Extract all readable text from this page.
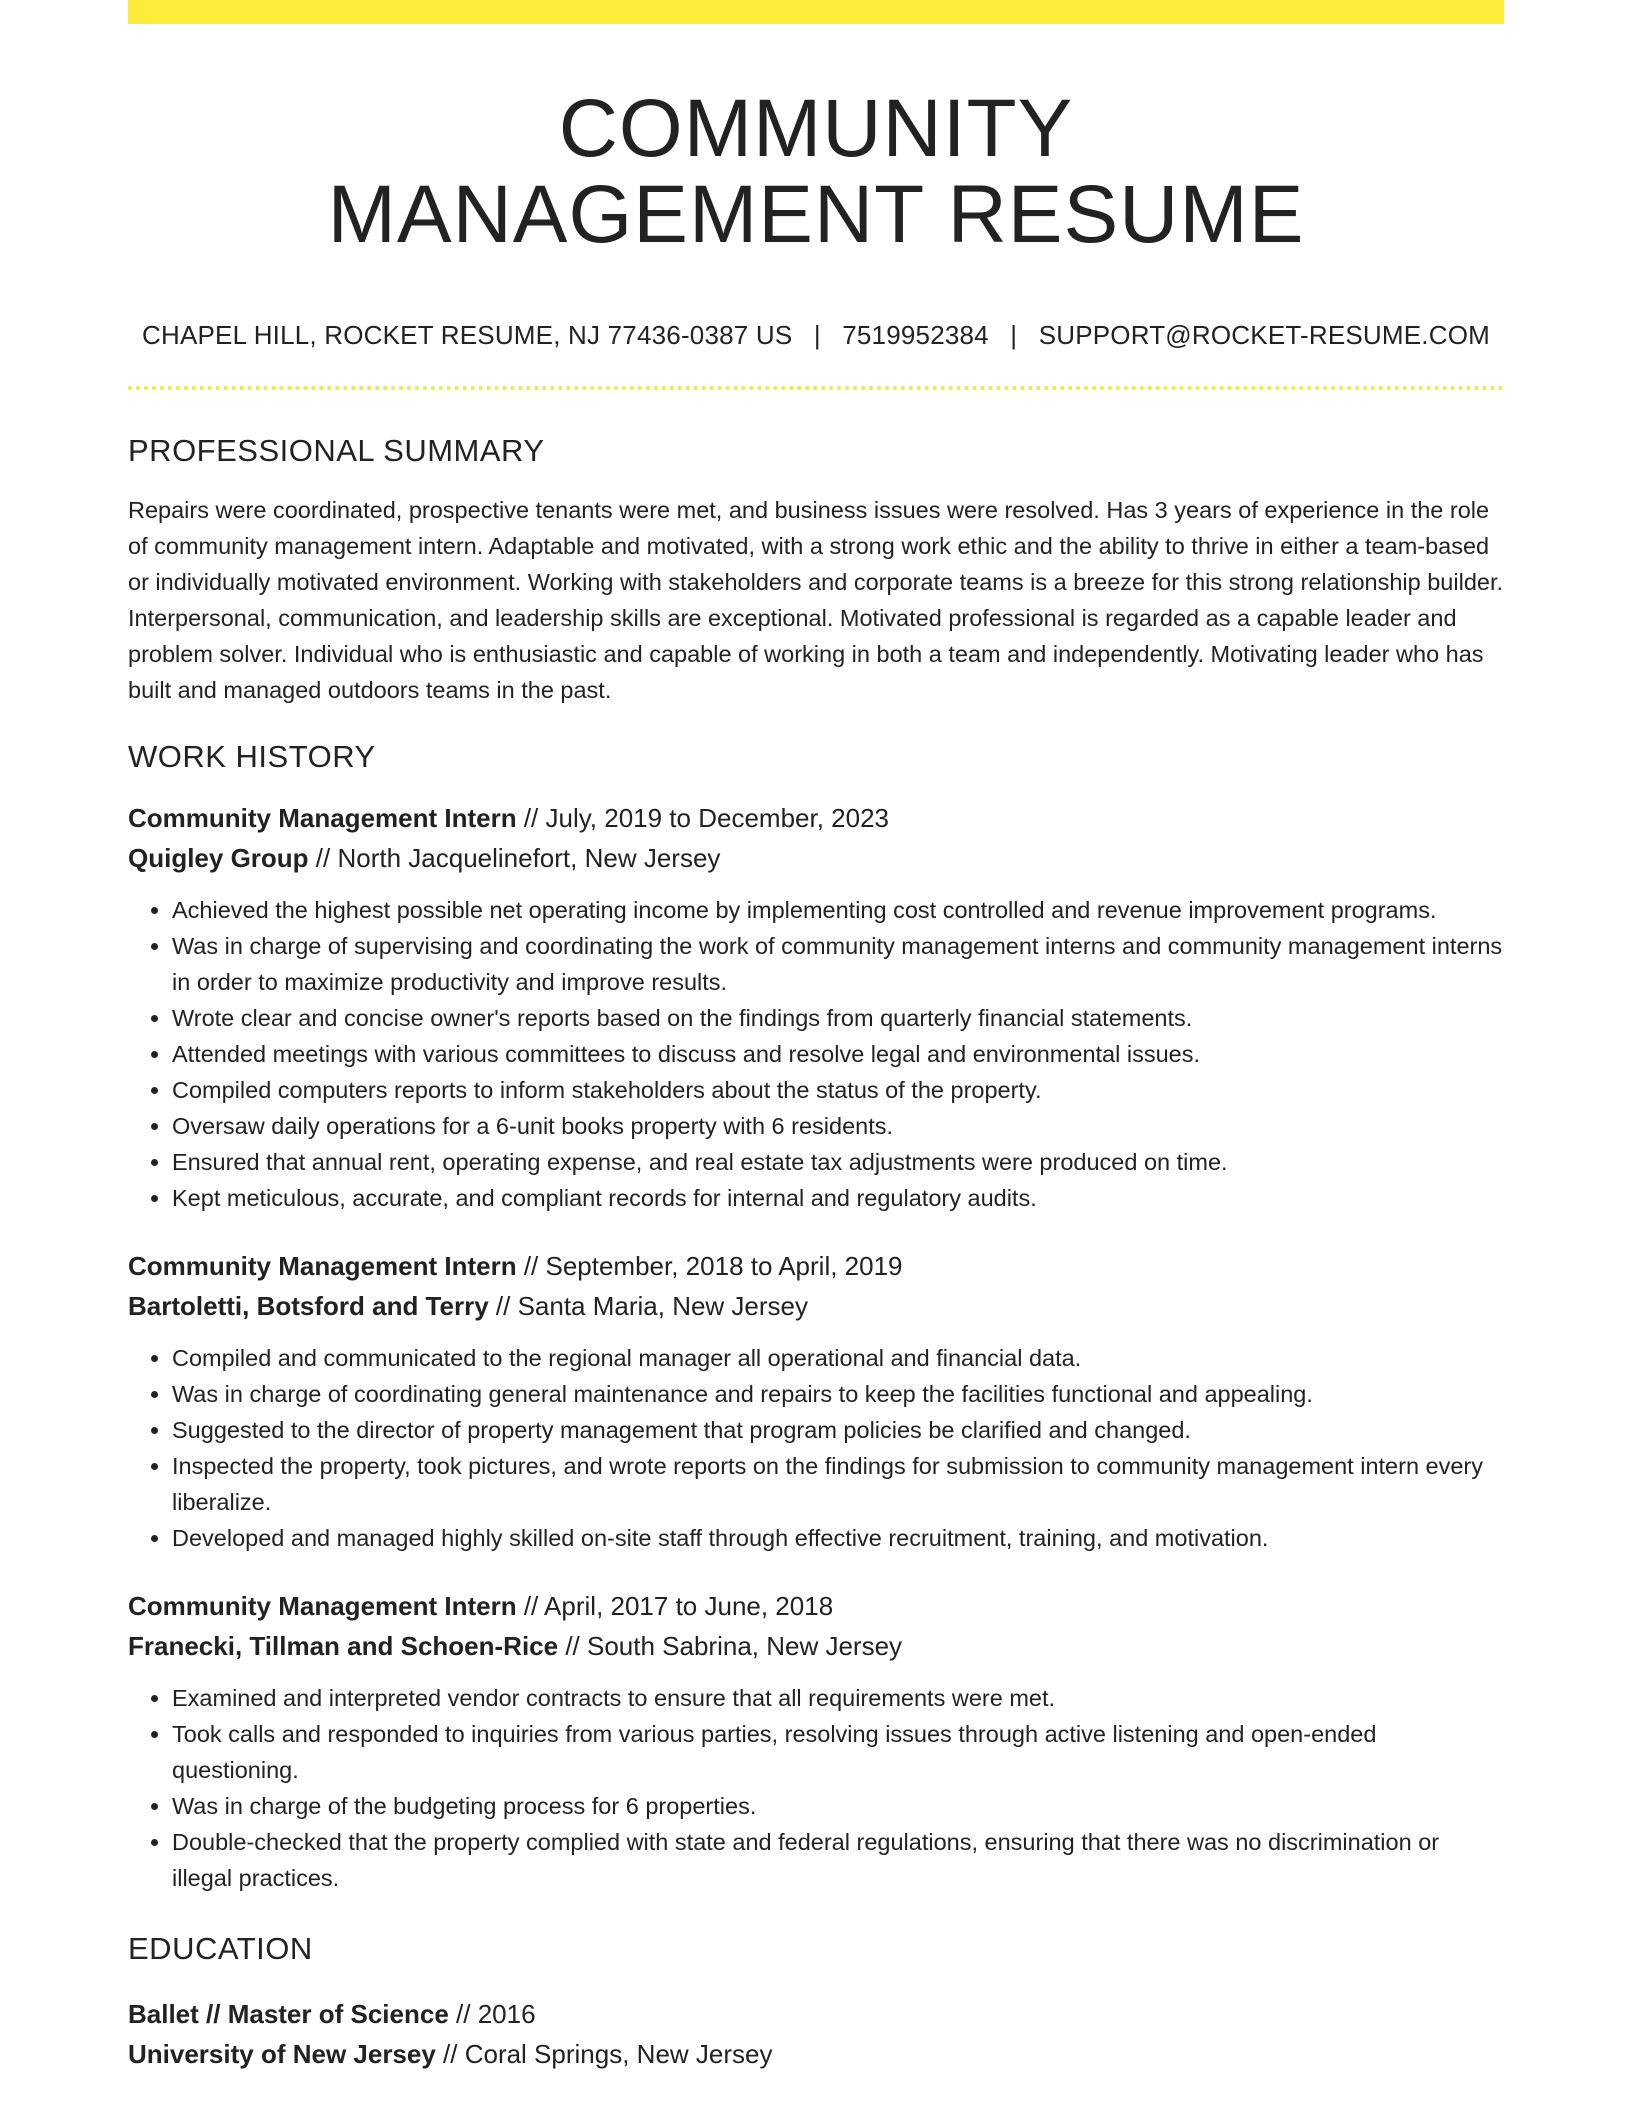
COMMUNITY
MANAGEMENT RESUME
CHAPEL HILL, ROCKET RESUME, NJ 77436-0387 US | 7519952384 | SUPPORT@ROCKET-RESUME.COM
PROFESSIONAL SUMMARY

Repairs were coordinated, prospective tenants were met, and business issues were resolved. Has 3 years of experience in the role of community management intern. Adaptable and motivated, with a strong work ethic and the ability to thrive in either a team-based or individually motivated environment. Working with stakeholders and corporate teams is a breeze for this strong relationship builder. Interpersonal, communication, and leadership skills are exceptional. Motivated professional is regarded as a capable leader and problem solver. Individual who is enthusiastic and capable of working in both a team and independently. Motivating leader who has built and managed outdoors teams in the past.

WORK HISTORY
Community Management Intern // July, 2019 to December, 2023
Quigley Group // North Jacquelinefort, New Jersey
• Achieved the highest possible net operating income by implementing cost controlled and revenue improvement programs.
• Was in charge of supervising and coordinating the work of community management interns and community management interns in order to maximize productivity and improve results.
• Wrote clear and concise owner's reports based on the findings from quarterly financial statements.
• Attended meetings with various committees to discuss and resolve legal and environmental issues.
• Compiled computers reports to inform stakeholders about the status of the property.
• Oversaw daily operations for a 6-unit books property with 6 residents.
• Ensured that annual rent, operating expense, and real estate tax adjustments were produced on time.
• Kept meticulous, accurate, and compliant records for internal and regulatory audits.
Community Management Intern // September, 2018 to April, 2019
Bartoletti, Botsford and Terry // Santa Maria, New Jersey
• Compiled and communicated to the regional manager all operational and financial data.
• Was in charge of coordinating general maintenance and repairs to keep the facilities functional and appealing.
• Suggested to the director of property management that program policies be clarified and changed.
• Inspected the property, took pictures, and wrote reports on the findings for submission to community management intern every liberalize.
• Developed and managed highly skilled on-site staff through effective recruitment, training, and motivation.
Community Management Intern // April, 2017 to June, 2018
Franecki, Tillman and Schoen-Rice // South Sabrina, New Jersey
• Examined and interpreted vendor contracts to ensure that all requirements were met.
• Took calls and responded to inquiries from various parties, resolving issues through active listening and open-ended questioning.
• Was in charge of the budgeting process for 6 properties.
• Double-checked that the property complied with state and federal regulations, ensuring that there was no discrimination or illegal practices.
EDUCATION
Ballet // Master of Science // 2016
University of New Jersey // Coral Springs, New Jersey
